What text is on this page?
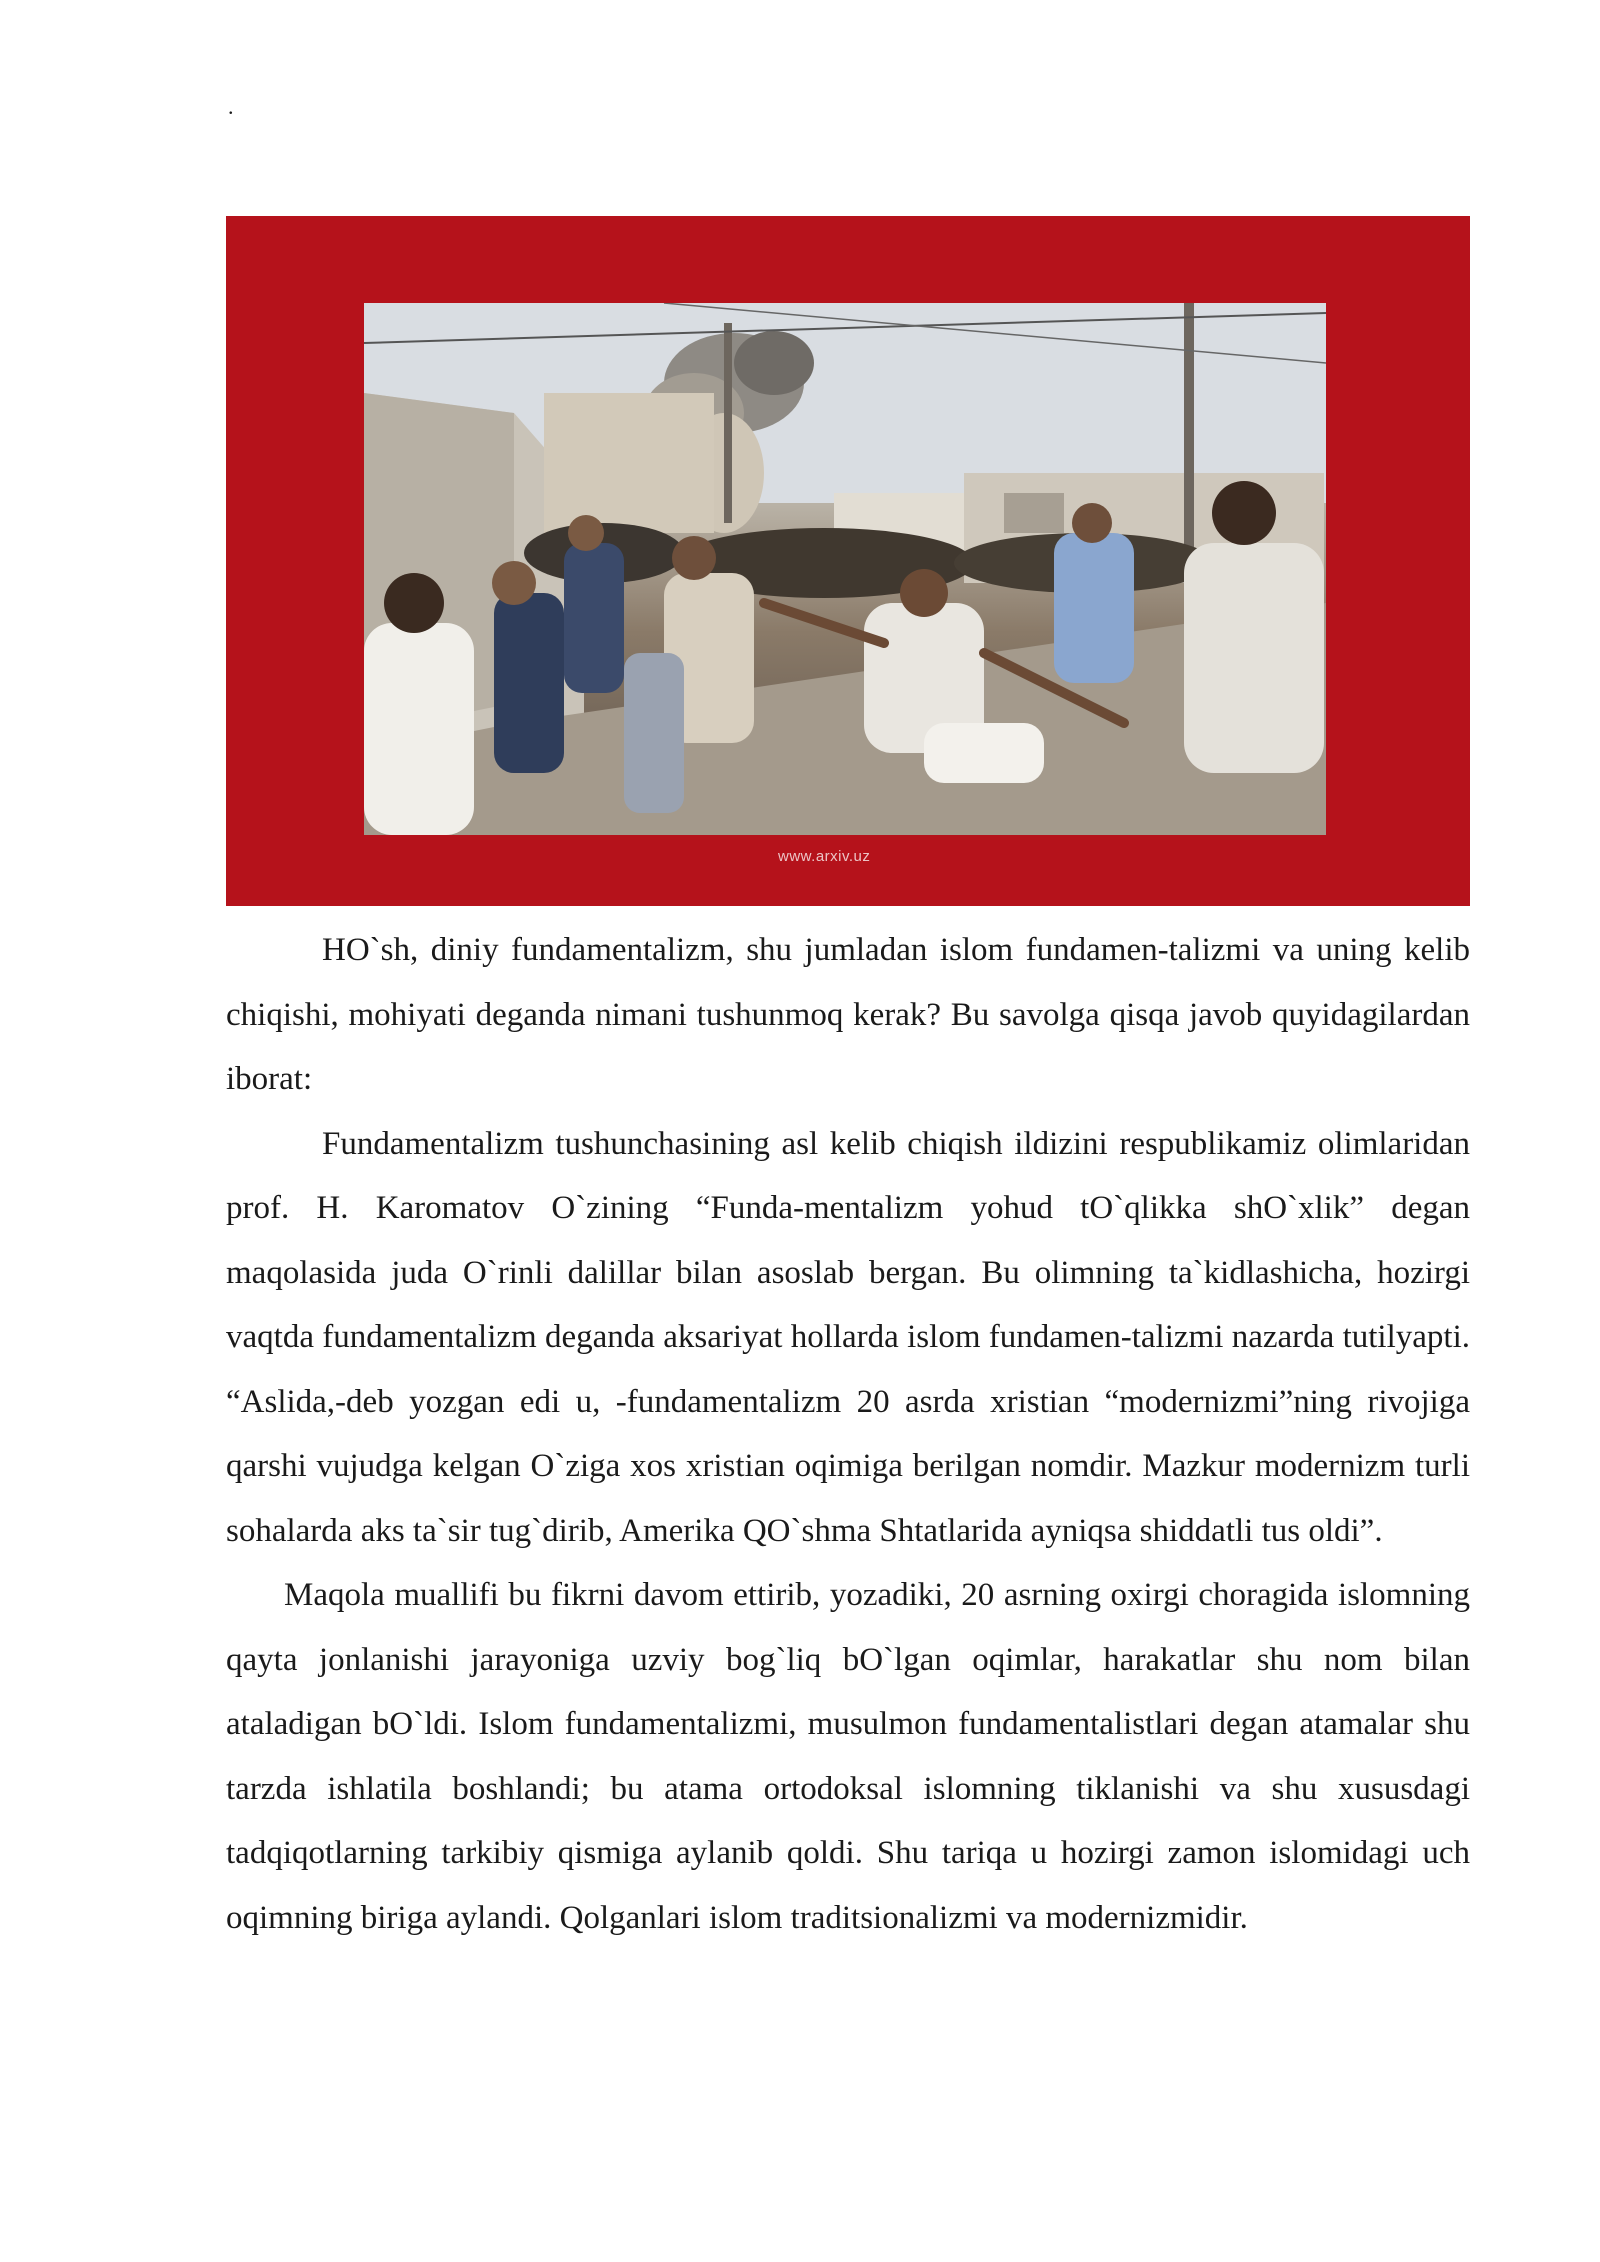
.
www.arxiv.uz

HO`sh, diniy fundamentalizm, shu jumladan islom fundamen-talizmi va uning kelib chiqishi, mohiyati deganda nimani tushunmoq kerak? Bu savolga qisqa javob quyidagilardan iborat:

Fundamentalizm tushunchasining asl kelib chiqish ildizini respublikamiz olimlaridan prof. H. Karomatov O`zining “Funda-mentalizm yohud tO`qlikka shO`xlik” degan maqolasida juda O`rinli dalillar bilan asoslab bergan. Bu olimning ta`kidlashicha, hozirgi vaqtda fundamentalizm deganda aksariyat hollarda islom fundamen-talizmi nazarda tutilyapti. “Aslida,-deb yozgan edi u, -fundamentalizm 20 asrda xristian “modernizmi”ning rivojiga qarshi vujudga kelgan O`ziga xos xristian oqimiga berilgan nomdir. Mazkur modernizm turli sohalarda aks ta`sir tug`dirib, Amerika QO`shma Shtatlarida ayniqsa shiddatli tus oldi”.

Maqola muallifi bu fikrni davom ettirib, yozadiki, 20 asrning oxirgi choragida islomning qayta jonlanishi jarayoniga uzviy bog`liq bO`lgan oqimlar, harakatlar shu nom bilan ataladigan bO`ldi. Islom fundamentalizmi, musulmon fundamentalistlari degan atamalar shu tarzda ishlatila boshlandi; bu atama ortodoksal islomning tiklanishi va shu xususdagi tadqiqotlarning tarkibiy qismiga aylanib qoldi. Shu tariqa u hozirgi zamon islomidagi uch oqimning biriga aylandi. Qolganlari islom traditsionalizmi va modernizmidir.
